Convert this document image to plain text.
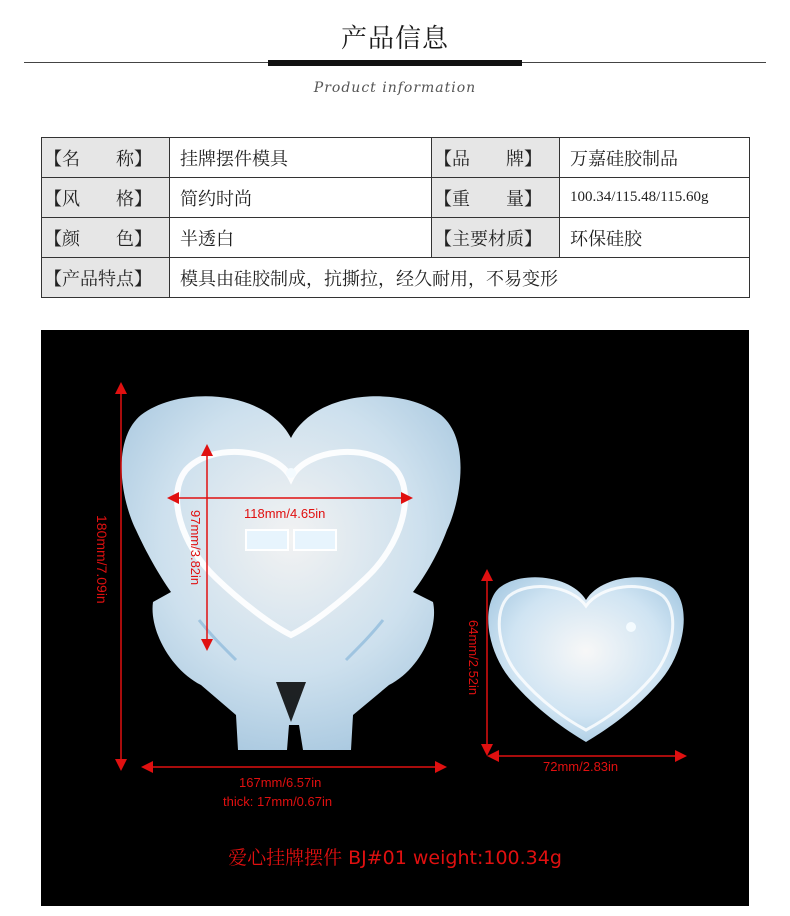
产品信息
Product information
【名　　称】	挂牌摆件模具	【品　　牌】	万嘉硅胶制品
【风　　格】	简约时尚	【重　　量】	100.34/115.48/115.60g
【颜　　色】	半透白	【主要材质】	环保硅胶
【产品特点】	模具由硅胶制成，抗撕拉，经久耐用，不易变形		
180mm/7.09in	97mm/3.82in	118mm/4.65in
167mm/6.57in
thick: 17mm/0.67in
64mm/2.52in
72mm/2.83in
爱心挂牌摆件 BJ#01 weight:100.34g
